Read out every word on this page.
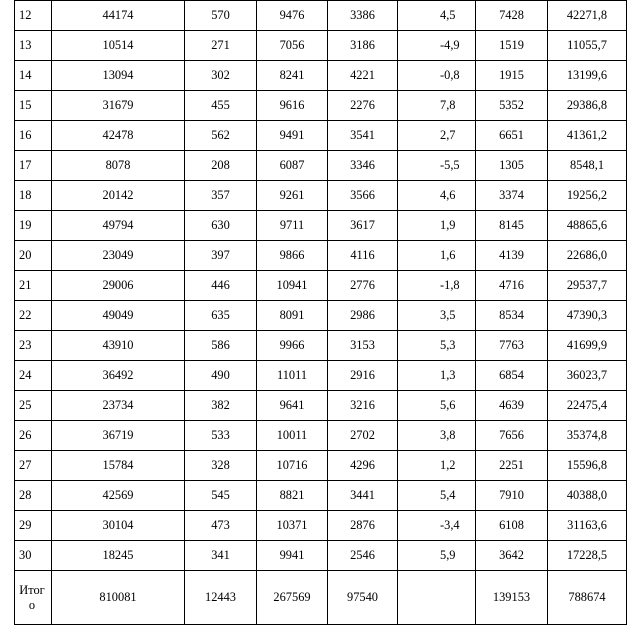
12	44174	570	9476	3386	4,5	7428	42271,8
13	10514	271	7056	3186	-4,9	1519	11055,7
14	13094	302	8241	4221	-0,8	1915	13199,6
15	31679	455	9616	2276	7,8	5352	29386,8
16	42478	562	9491	3541	2,7	6651	41361,2
17	8078	208	6087	3346	-5,5	1305	8548,1
18	20142	357	9261	3566	4,6	3374	19256,2
19	49794	630	9711	3617	1,9	8145	48865,6
20	23049	397	9866	4116	1,6	4139	22686,0
21	29006	446	10941	2776	-1,8	4716	29537,7
22	49049	635	8091	2986	3,5	8534	47390,3
23	43910	586	9966	3153	5,3	7763	41699,9
24	36492	490	11011	2916	1,3	6854	36023,7
25	23734	382	9641	3216	5,6	4639	22475,4
26	36719	533	10011	2702	3,8	7656	35374,8
27	15784	328	10716	4296	1,2	2251	15596,8
28	42569	545	8821	3441	5,4	7910	40388,0
29	30104	473	10371	2876	-3,4	6108	31163,6
30	18245	341	9941	2546	5,9	3642	17228,5

Итого	810081	12443	267569	97540		139153	788674
